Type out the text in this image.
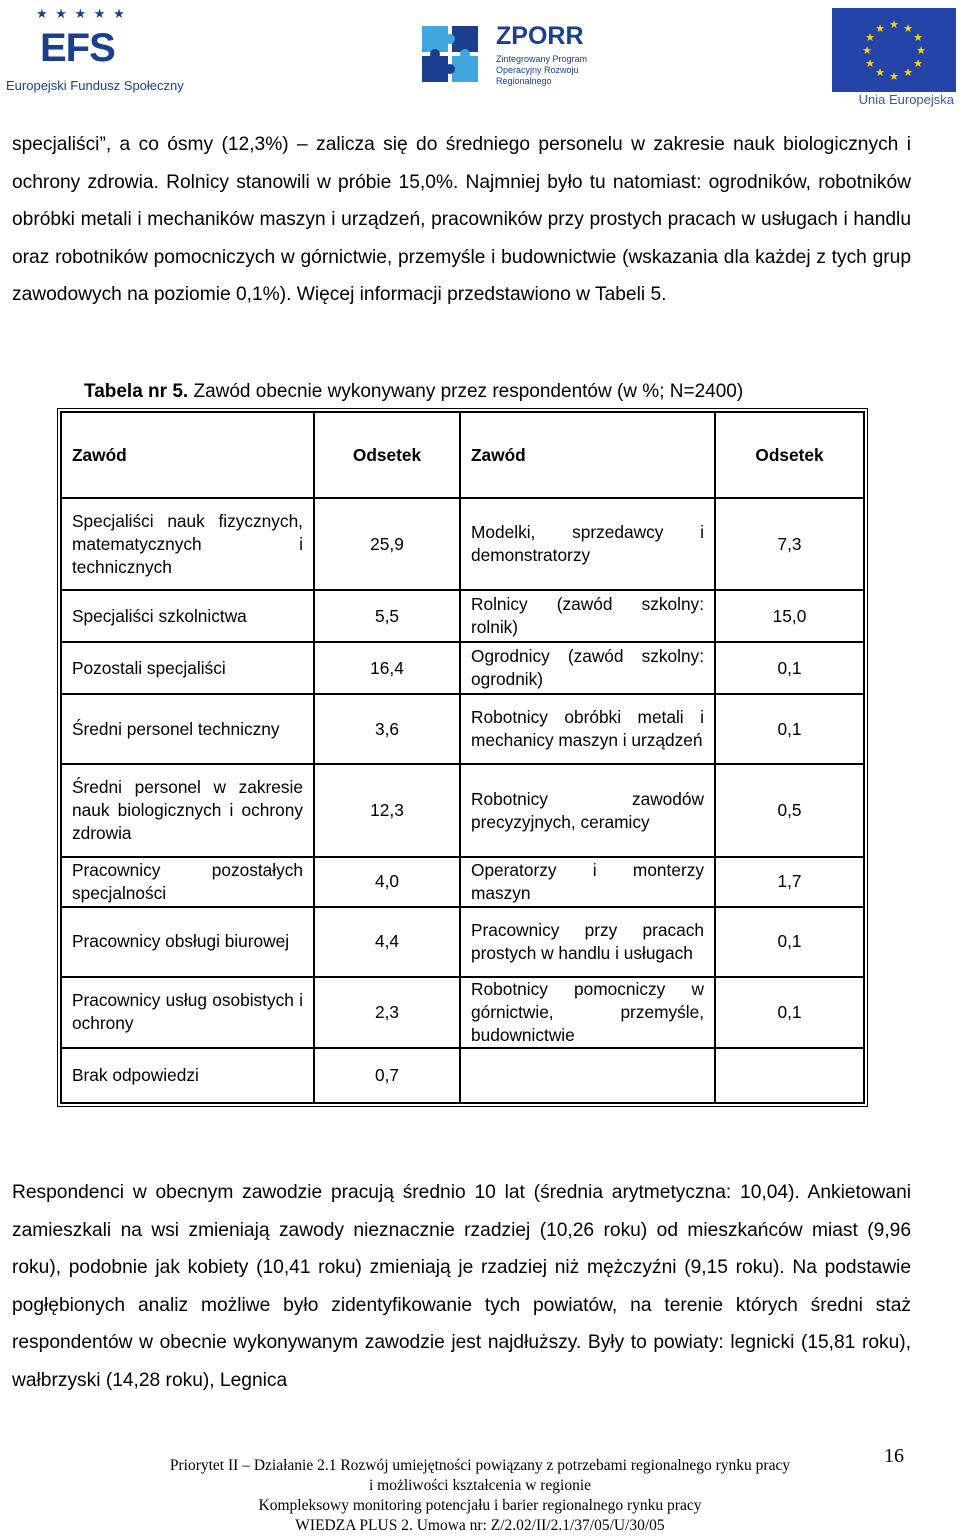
★ ★ ★ ★ ★
EFS
Europejski Fundusz Społeczny
ZPORR
Zintegrowany Program Operacyjny Rozwoju Regionalnego
★ ★
★
★
★
★
★
★
★
★
★
★
Unia Europejska
specjaliści”, a co ósmy (12,3%) – zalicza się do średniego personelu w zakresie nauk biologicznych i ochrony zdrowia. Rolnicy stanowili w próbie 15,0%. Najmniej było tu natomiast: ogrodników, robotników obróbki metali i mechaników maszyn i urządzeń, pracowników przy prostych pracach w usługach i handlu oraz robotników pomocniczych w górnictwie, przemyśle i budownictwie (wskazania dla każdej z tych grup zawodowych na poziomie 0,1%). Więcej informacji przedstawiono w Tabeli 5.
Tabela nr 5. Zawód obecnie wykonywany przez respondentów (w %; N=2400)
Zawód	Odsetek	Zawód	Odsetek
Specjaliści nauk fizycznych, matematycznych i technicznych	25,9	Modelki, sprzedawcy i demonstratorzy	7,3
Specjaliści szkolnictwa	5,5	Rolnicy (zawód szkolny: rolnik)	15,0
Pozostali specjaliści	16,4	Ogrodnicy (zawód szkolny: ogrodnik)	0,1
Średni personel techniczny	3,6	Robotnicy obróbki metali i mechanicy maszyn i urządzeń	0,1
Średni personel w zakresie nauk biologicznych i ochrony zdrowia	12,3	Robotnicy zawodów precyzyjnych, ceramicy	0,5
Pracownicy pozostałych specjalności	4,0	Operatorzy i monterzy maszyn	1,7
Pracownicy obsługi biurowej	4,4	Pracownicy przy pracach prostych w handlu i usługach	0,1
Pracownicy usług osobistych i ochrony	2,3	Robotnicy pomocniczy w górnictwie, przemyśle, budownictwie	0,1
Brak odpowiedzi	0,7		
Respondenci w obecnym zawodzie pracują średnio 10 lat (średnia arytmetyczna: 10,04). Ankietowani zamieszkali na wsi zmieniają zawody nieznacznie rzadziej (10,26 roku) od mieszkańców miast (9,96 roku), podobnie jak kobiety (10,41 roku) zmieniają je rzadziej niż mężczyźni (9,15 roku). Na podstawie pogłębionych analiz możliwe było zidentyfikowanie tych powiatów, na terenie których średni staż respondentów w obecnie wykonywanym zawodzie jest najdłuższy. Były to powiaty: legnicki (15,81 roku), wałbrzyski (14,28 roku), Legnica
Priorytet II – Działanie 2.1 Rozwój umiejętności powiązany z potrzebami regionalnego rynku pracy
i możliwości kształcenia w regionie
Kompleksowy monitoring potencjału i barier regionalnego rynku pracy
WIEDZA PLUS 2. Umowa nr: Z/2.02/II/2.1/37/05/U/30/05
16
